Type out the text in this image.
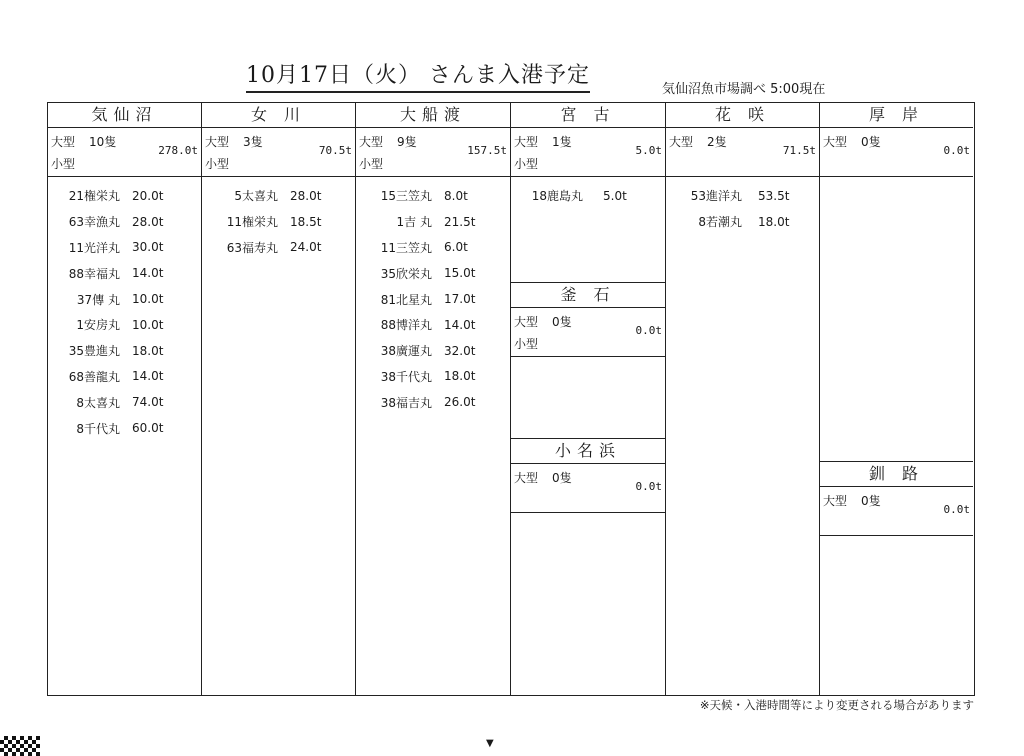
10月17日（火） さんま入港予定
気仙沼魚市場調べ 5:00現在
気仙沼
大型 10隻
小型
278.0t
21権栄丸 20.0t
63幸漁丸 28.0t
11光洋丸 30.0t
88幸福丸 14.0t
37傳 丸 10.0t
1安房丸 10.0t
35豊進丸 18.0t
68善龍丸 14.0t
8太喜丸 74.0t
8千代丸 60.0t
女 川
大型 3隻
小型
70.5t
5太喜丸 28.0t
11権栄丸 18.5t
63福寿丸 24.0t
大船渡
大型 9隻
小型
157.5t
15三笠丸 8.0t
1吉 丸 21.5t
11三笠丸 6.0t
35欣栄丸 15.0t
81北星丸 17.0t
88博洋丸 14.0t
38廣運丸 32.0t
38千代丸 18.0t
38福吉丸 26.0t
宮 古
大型 1隻
小型
5.0t
18鹿島丸 5.0t
釜 石
大型 0隻
小型
0.0t
小名浜
大型 0隻
0.0t
花 咲
大型 2隻
71.5t
53進洋丸 53.5t
8若潮丸 18.0t
厚 岸
大型 0隻
0.0t
釧 路
大型 0隻
0.0t
※天候・入港時間等により変更される場合があります
▼
